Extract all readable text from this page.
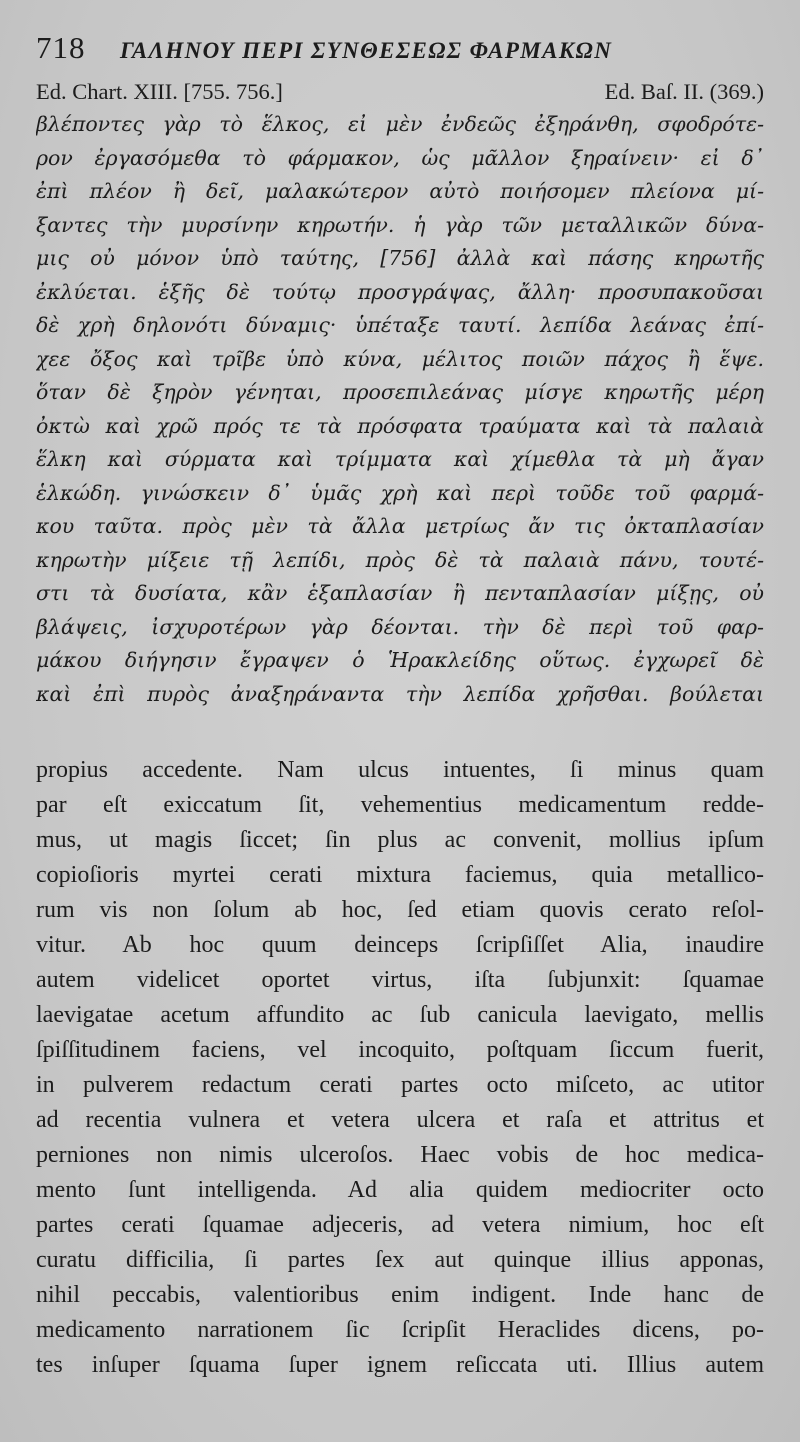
718	ΓΑΛΗΝΟΥ ΠΕΡΙ ΣΥΝΘΕΣΕΩΣ ΦΑΡΜΑΚΩΝ
Ed. Chart. XIII. [755. 756.]	Ed. Baſ. II. (369.)
βλέποντες γὰρ τὸ ἕλκος, εἰ μὲν ἐνδεῶς ἐξηράνθη, σφοδρότε-
ρον ἐργασόμεθα τὸ φάρμακον, ὡς μᾶλλον ξηραίνειν· εἰ δ᾽
ἐπὶ πλέον ἢ δεῖ, μαλακώτερον αὐτὸ ποιήσομεν πλείονα μί-
ξαντες τὴν μυρσίνην κηρωτήν. ἡ γὰρ τῶν μεταλλικῶν δύνα-
μις οὐ μόνον ὑπὸ ταύτης, [756] ἀλλὰ καὶ πάσης κηρωτῆς
ἐκλύεται. ἑξῆς δὲ τούτῳ προσγράψας, ἄλλη· προσυπακοῦσαι
δὲ χρὴ δηλονότι δύναμις· ὑπέταξε ταυτί. λεπίδα λεάνας ἐπί-
χεε ὄξος καὶ τρῖβε ὑπὸ κύνα, μέλιτος ποιῶν πάχος ἢ ἕψε.
ὅταν δὲ ξηρὸν γένηται, προσεπιλεάνας μίσγε κηρωτῆς μέρη
ὀκτὼ καὶ χρῶ πρός τε τὰ πρόσφατα τραύματα καὶ τὰ παλαιὰ
ἕλκη καὶ σύρματα καὶ τρίμματα καὶ χίμεθλα τὰ μὴ ἄγαν
ἑλκώδη. γινώσκειν δ᾽ ὑμᾶς χρὴ καὶ περὶ τοῦδε τοῦ φαρμά-
κου ταῦτα. πρὸς μὲν τὰ ἄλλα μετρίως ἄν τις ὀκταπλασίαν
κηρωτὴν μίξειε τῇ λεπίδι, πρὸς δὲ τὰ παλαιὰ πάνυ, τουτέ-
στι τὰ δυσίατα, κἂν ἑξαπλασίαν ἢ πενταπλασίαν μίξῃς, οὐ
βλάψεις, ἰσχυροτέρων γὰρ δέονται. τὴν δὲ περὶ τοῦ φαρ-
μάκου διήγησιν ἔγραψεν ὁ Ἡρακλείδης οὕτως. ἐγχωρεῖ δὲ
καὶ ἐπὶ πυρὸς ἀναξηράναντα τὴν λεπίδα χρῆσθαι. βούλεται
propius accedente. Nam ulcus intuentes, ſi minus quam
par eſt exiccatum ſit, vehementius medicamentum redde-
mus, ut magis ſiccet; ſin plus ac convenit, mollius ipſum
copioſioris myrtei cerati mixtura faciemus, quia metallico-
rum vis non ſolum ab hoc, ſed etiam quovis cerato reſol-
vitur. Ab hoc quum deinceps ſcripſiſſet Alia, inaudire
autem videlicet oportet virtus, iſta ſubjunxit: ſquamae
laevigatae acetum affundito ac ſub canicula laevigato, mellis
ſpiſſitudinem faciens, vel incoquito, poſtquam ſiccum fuerit,
in pulverem redactum cerati partes octo miſceto, ac utitor
ad recentia vulnera et vetera ulcera et raſa et attritus et
perniones non nimis ulceroſos. Haec vobis de hoc medica-
mento ſunt intelligenda. Ad alia quidem mediocriter octo
partes cerati ſquamae adjeceris, ad vetera nimium, hoc eſt
curatu difficilia, ſi partes ſex aut quinque illius apponas,
nihil peccabis, valentioribus enim indigent. Inde hanc de
medicamento narrationem ſic ſcripſit Heraclides dicens, po-
tes inſuper ſquama ſuper ignem reſiccata uti. Illius autem
